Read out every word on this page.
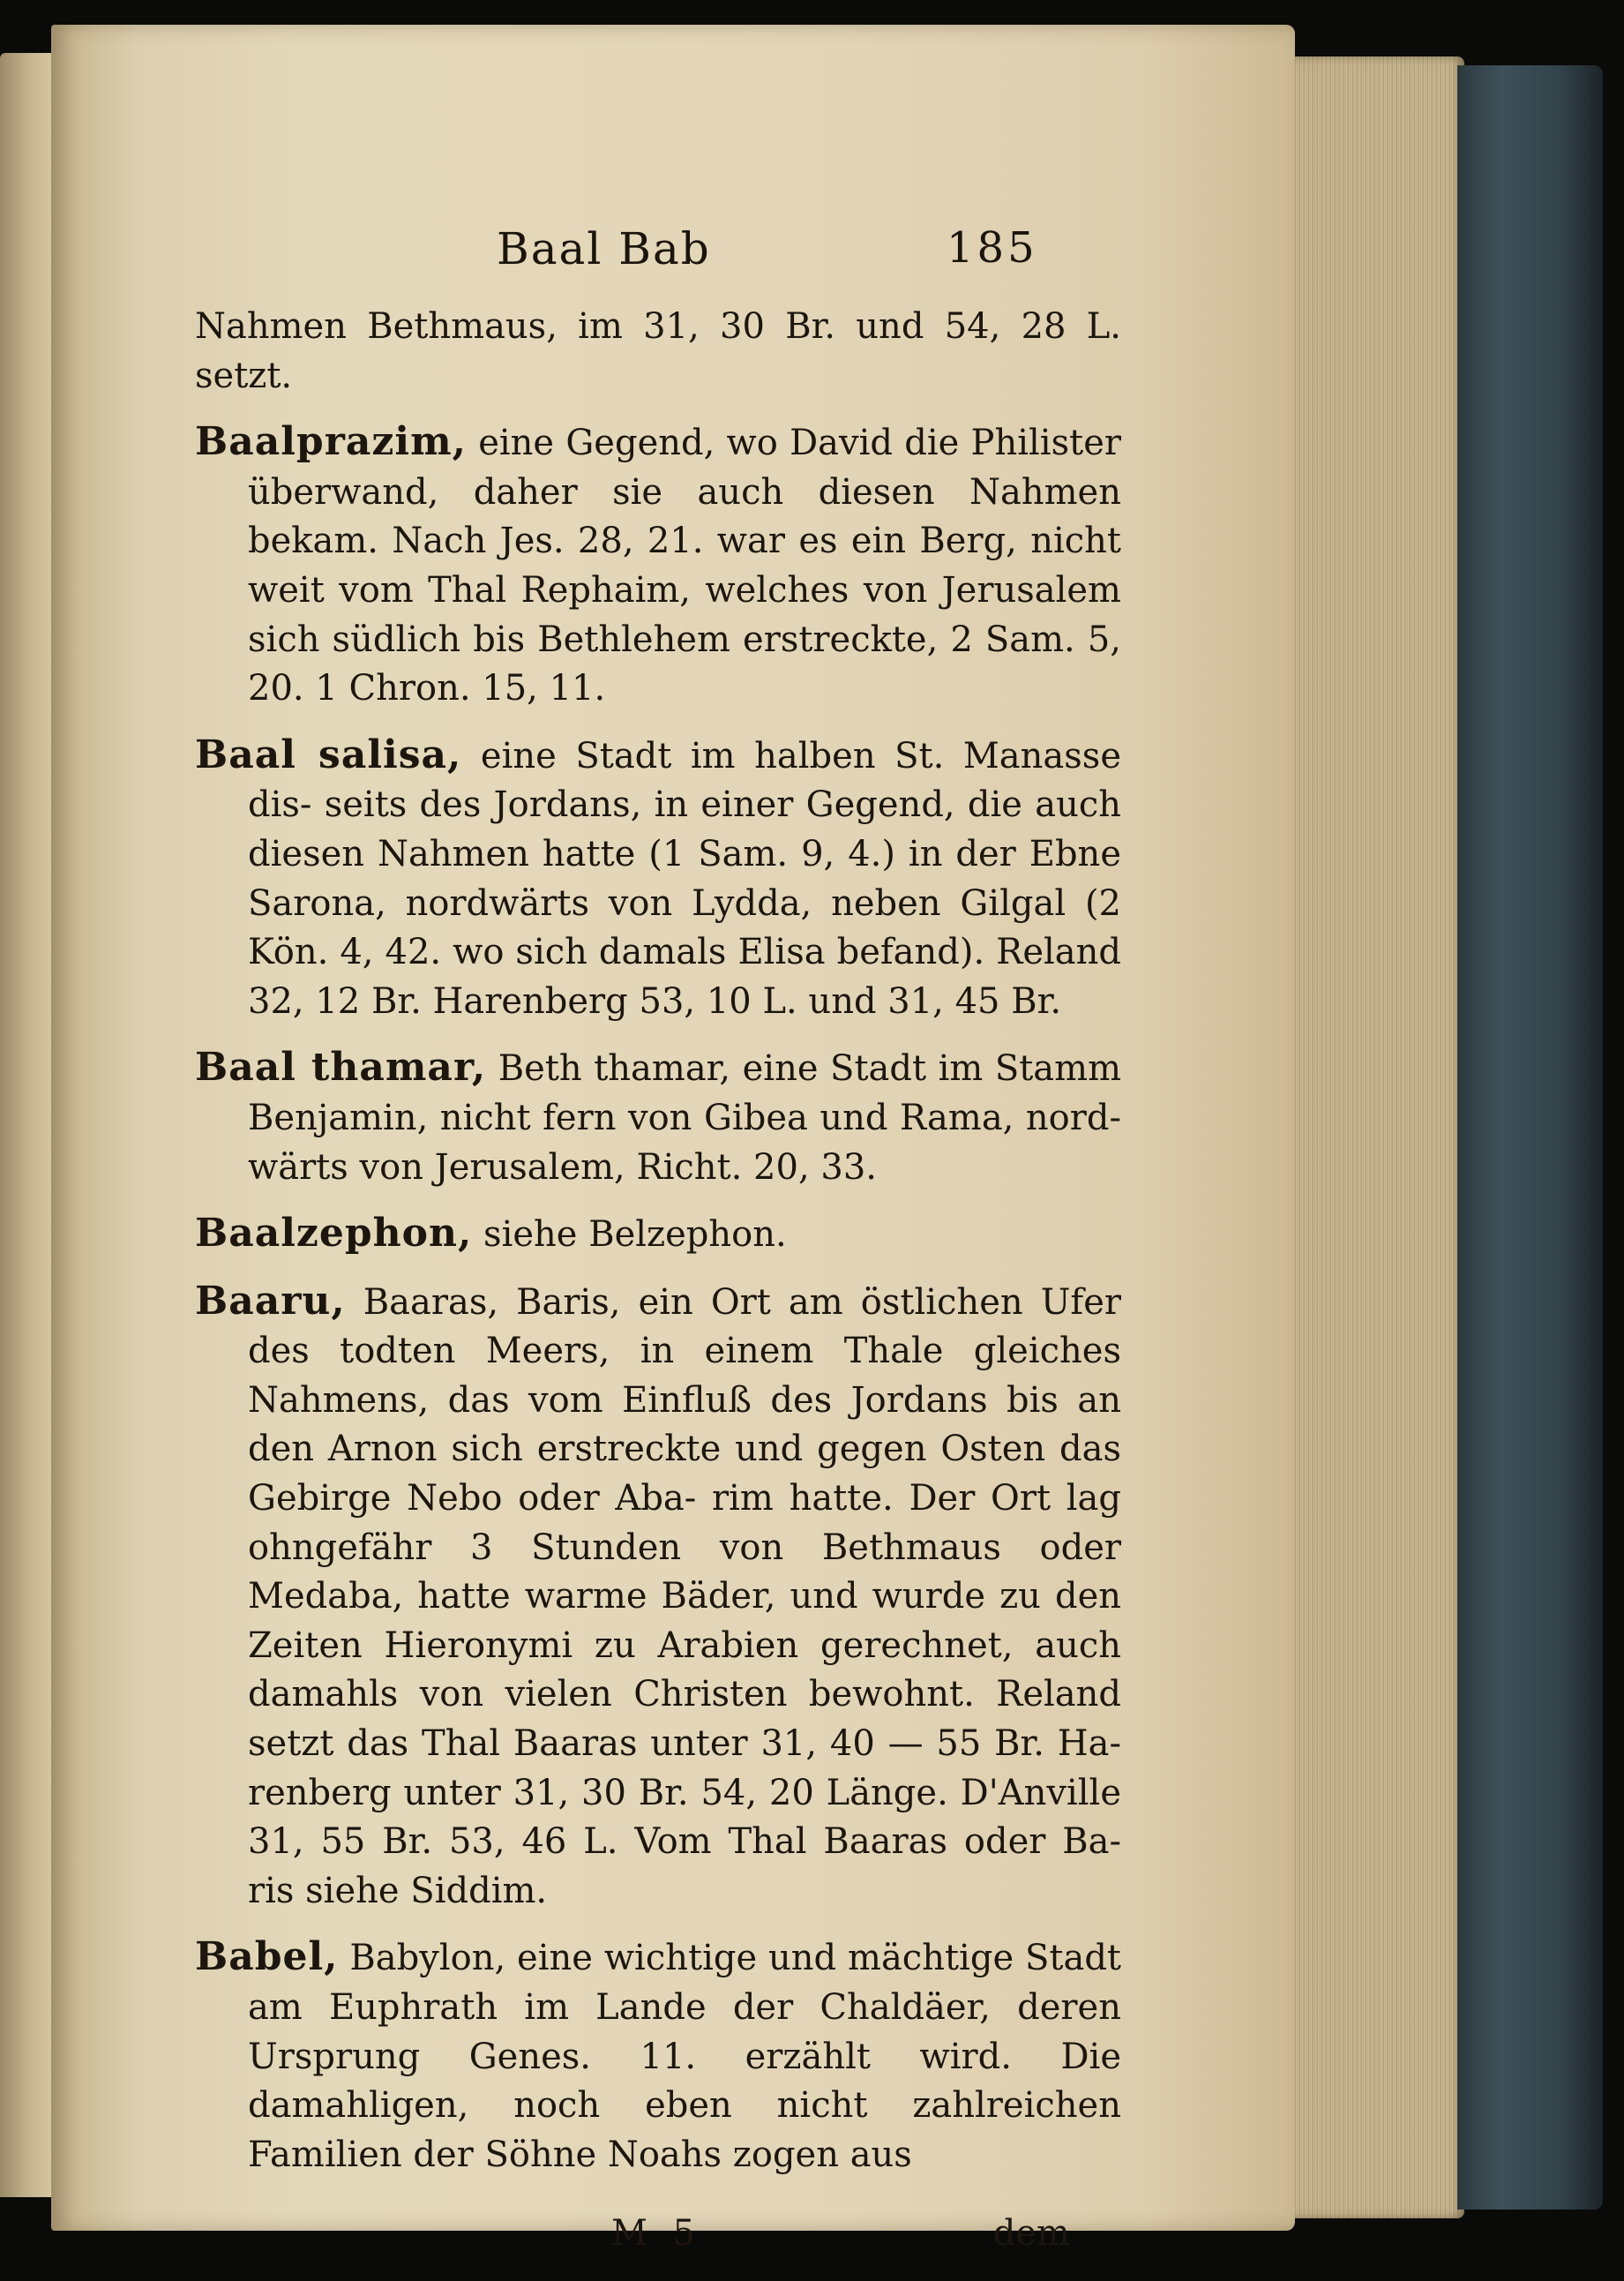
Baal Bab	185

Nahmen Bethmaus, im 31, 30 Br. und 54, 28 L. setzt.

Baalprazim, eine Gegend, wo David die Philister überwand, daher sie auch diesen Nahmen bekam. Nach Jes. 28, 21. war es ein Berg, nicht weit vom Thal Rephaim, welches von Jerusalem sich südlich bis Bethlehem erstreckte, 2 Sam. 5, 20. 1 Chron. 15, 11.

Baal salisa, eine Stadt im halben St. Manasse dis- seits des Jordans, in einer Gegend, die auch diesen Nahmen hatte (1 Sam. 9, 4.) in der Ebne Sarona, nordwärts von Lydda, neben Gilgal (2 Kön. 4, 42. wo sich damals Elisa befand). Reland 32, 12 Br. Harenberg 53, 10 L. und 31, 45 Br.

Baal thamar, Beth thamar, eine Stadt im Stamm Benjamin, nicht fern von Gibea und Rama, nord- wärts von Jerusalem, Richt. 20, 33.

Baalzephon, siehe Belzephon.

Baaru, Baaras, Baris, ein Ort am östlichen Ufer des todten Meers, in einem Thale gleiches Nahmens, das vom Einfluß des Jordans bis an den Arnon sich erstreckte und gegen Osten das Gebirge Nebo oder Aba- rim hatte. Der Ort lag ohngefähr 3 Stunden von Bethmaus oder Medaba, hatte warme Bäder, und wurde zu den Zeiten Hieronymi zu Arabien gerechnet, auch damahls von vielen Christen bewohnt. Reland setzt das Thal Baaras unter 31, 40 — 55 Br. Ha- renberg unter 31, 30 Br. 54, 20 Länge. D'Anville 31, 55 Br. 53, 46 L. Vom Thal Baaras oder Ba- ris siehe Siddim.

Babel, Babylon, eine wichtige und mächtige Stadt am Euphrath im Lande der Chaldäer, deren Ursprung Genes. 11. erzählt wird. Die damahligen, noch eben nicht zahlreichen Familien der Söhne Noahs zogen aus

M 5	dem
